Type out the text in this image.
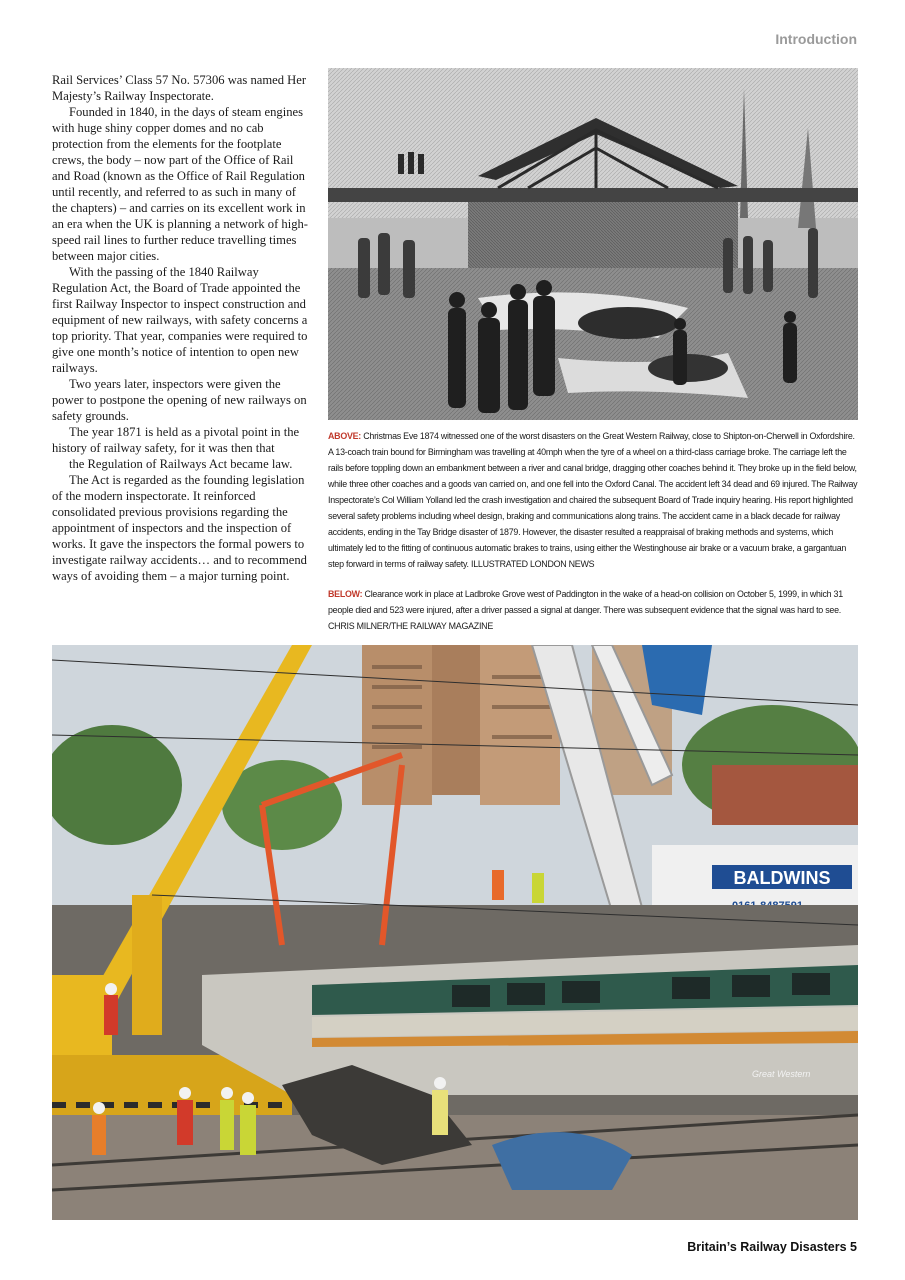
Introduction

Rail Services’ Class 57 No. 57306 was named Her Majesty’s Railway Inspectorate.

Founded in 1840, in the days of steam engines with huge shiny copper domes and no cab protection from the elements for the footplate crews, the body – now part of the Office of Rail and Road (known as the Office of Rail Regulation until recently, and referred to as such in many of the chapters) – and carries on its excellent work in an era when the UK is planning a network of high-speed rail lines to further reduce travelling times between major cities.

With the passing of the 1840 Railway Regulation Act, the Board of Trade appointed the first Railway Inspector to inspect construction and equipment of new railways, with safety concerns a top priority. That year, companies were required to give one month’s notice of intention to open new railways.

Two years later, inspectors were given the power to postpone the opening of new railways on safety grounds.

The year 1871 is held as a pivotal point in the history of railway safety, for it was then that

the Regulation of Railways Act became law.

The Act is regarded as the founding legislation of the modern inspectorate. It reinforced consolidated previous provisions regarding the appointment of inspectors and the inspection of works. It gave the inspectors the formal powers to investigate railway accidents… and to recommend ways of avoiding them – a major turning point.

ABOVE: Christmas Eve 1874 witnessed one of the worst disasters on the Great Western Railway, close to Shipton-on-Cherwell in Oxfordshire. A 13-coach train bound for Birmingham was travelling at 40mph when the tyre of a wheel on a third-class carriage broke. The carriage left the rails before toppling down an embankment between a river and canal bridge, dragging other coaches behind it. They broke up in the field below, while three other coaches and a goods van carried on, and one fell into the Oxford Canal. The accident left 34 dead and 69 injured. The Railway Inspectorate’s Col William Yolland led the crash investigation and chaired the subsequent Board of Trade inquiry hearing. His report highlighted several safety problems including wheel design, braking and communications along trains. The accident came in a black decade for railway accidents, ending in the Tay Bridge disaster of 1879. However, the disaster resulted a reappraisal of braking methods and systems, which ultimately led to the fitting of continuous automatic brakes to trains, using either the Westinghouse air brake or a vacuum brake, a gargantuan step forward in terms of railway safety. ILLUSTRATED LONDON NEWS

BELOW: Clearance work in place at Ladbroke Grove west of Paddington in the wake of a head-on collision on October 5, 1999, in which 31 people died and 523 were injured, after a driver passed a signal at danger. There was subsequent evidence that the signal was hard to see. CHRIS MILNER/THE RAILWAY MAGAZINE

BALDWINS
Great Western
Britain’s Railway Disasters 5
